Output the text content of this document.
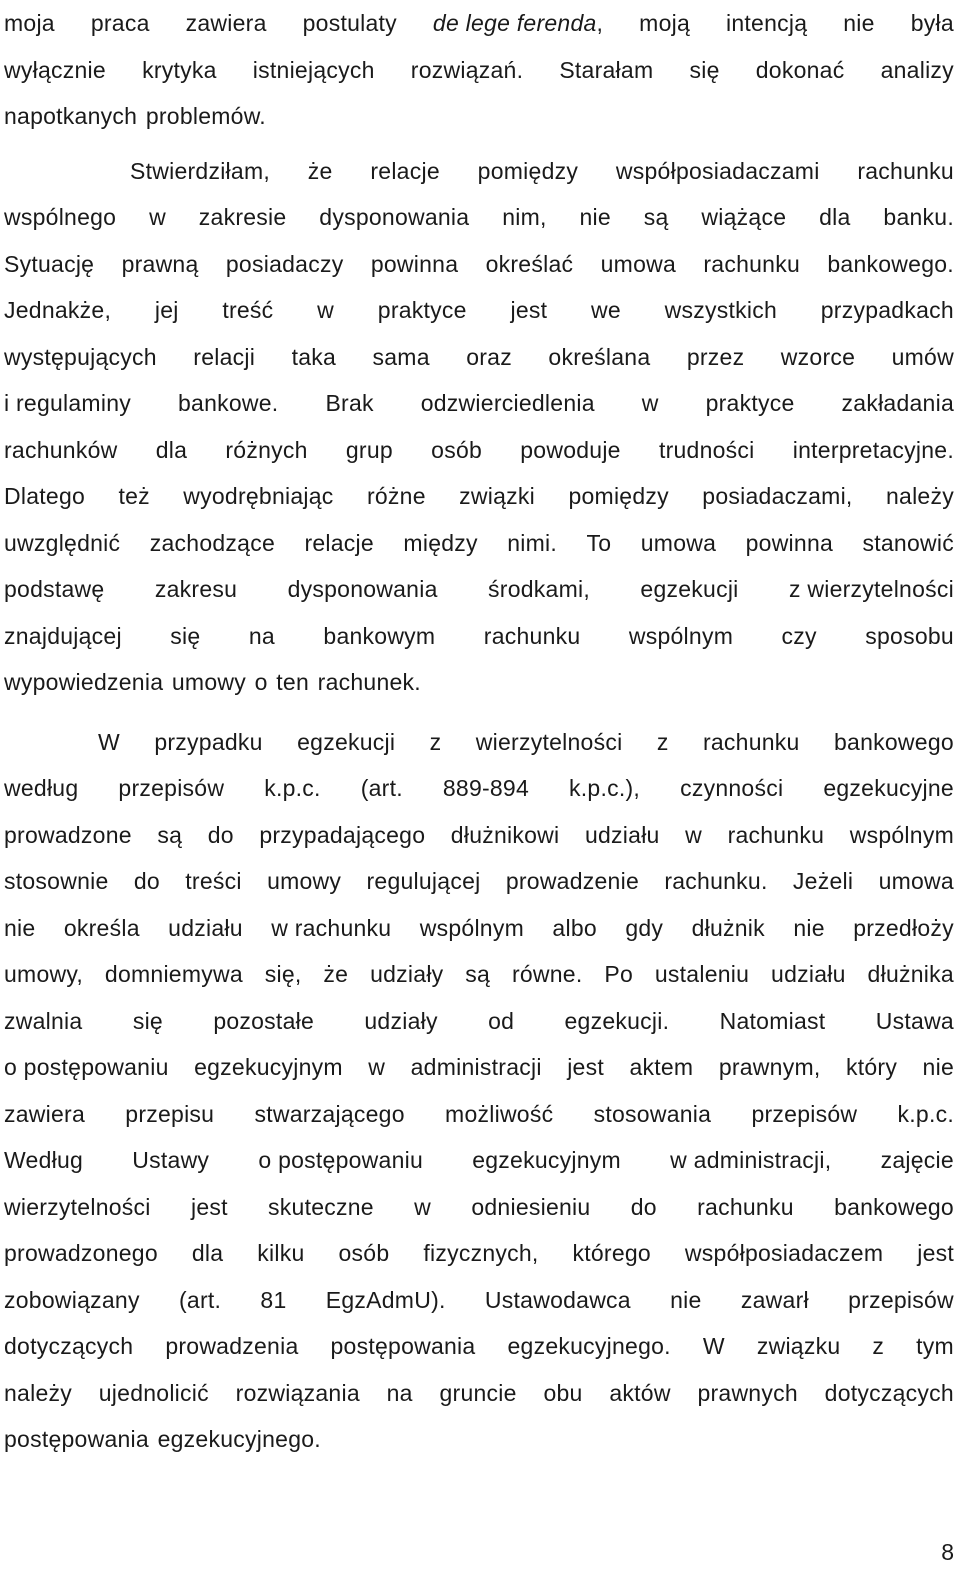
moja praca zawiera postulaty de lege ferenda, moją intencją nie była
wyłącznie krytyka istniejących rozwiązań. Starałam się dokonać analizy
napotkanych problemów.
Stwierdziłam, że relacje pomiędzy współposiadaczami rachunku
wspólnego w zakresie dysponowania nim, nie są wiążące dla banku.
Sytuację prawną posiadaczy powinna określać umowa rachunku bankowego.
Jednakże, jej treść w praktyce jest we wszystkich przypadkach
występujących relacji taka sama oraz określana przez wzorce umów
i regulaminy bankowe. Brak odzwierciedlenia w praktyce zakładania
rachunków dla różnych grup osób powoduje trudności interpretacyjne.
Dlatego też wyodrębniając różne związki pomiędzy posiadaczami, należy
uwzględnić zachodzące relacje między nimi. To umowa powinna stanowić
podstawę zakresu dysponowania środkami, egzekucji z wierzytelności
znajdującej się na bankowym rachunku wspólnym czy sposobu
wypowiedzenia umowy o ten rachunek.
W przypadku egzekucji z wierzytelności z rachunku bankowego
według przepisów k.p.c. (art. 889-894 k.p.c.), czynności egzekucyjne
prowadzone są do przypadającego dłużnikowi udziału w rachunku wspólnym
stosownie do treści umowy regulującej prowadzenie rachunku. Jeżeli umowa
nie określa udziału w rachunku wspólnym albo gdy dłużnik nie przedłoży
umowy, domniemywa się, że udziały są równe. Po ustaleniu udziału dłużnika
zwalnia się pozostałe udziały od egzekucji. Natomiast Ustawa
o postępowaniu egzekucyjnym w administracji jest aktem prawnym, który nie
zawiera przepisu stwarzającego możliwość stosowania przepisów k.p.c.
Według Ustawy o postępowaniu egzekucyjnym w administracji, zajęcie
wierzytelności jest skuteczne w odniesieniu do rachunku bankowego
prowadzonego dla kilku osób fizycznych, którego współposiadaczem jest
zobowiązany (art. 81 EgzAdmU). Ustawodawca nie zawarł przepisów
dotyczących prowadzenia postępowania egzekucyjnego. W związku z tym
należy ujednolicić rozwiązania na gruncie obu aktów prawnych dotyczących
postępowania egzekucyjnego.
8
